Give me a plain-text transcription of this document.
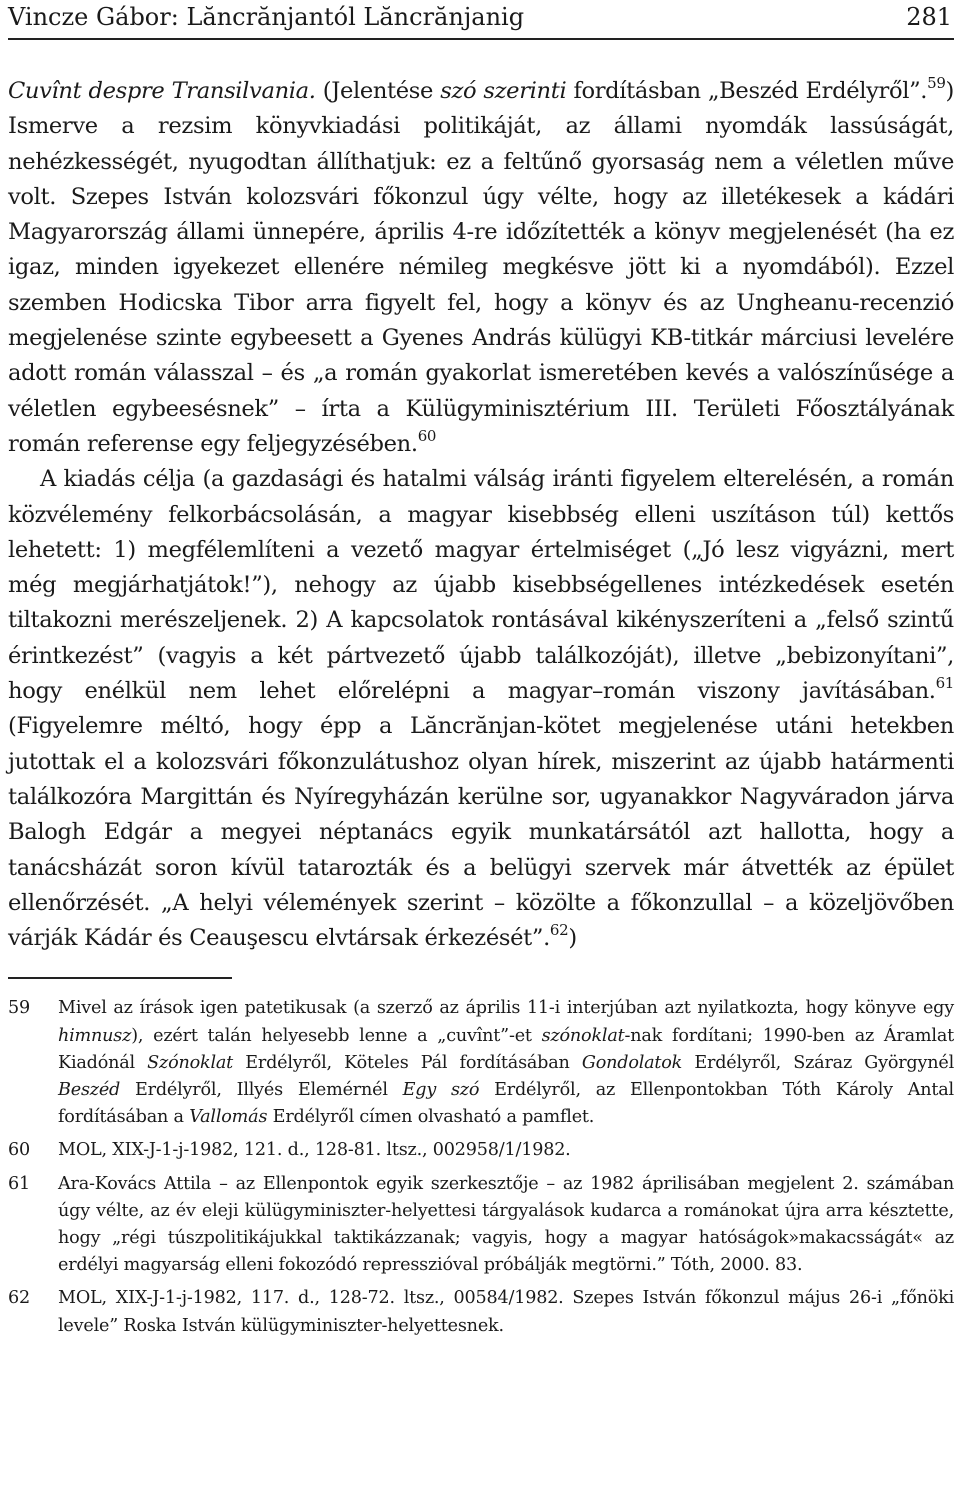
Vincze Gábor: Lăncrănjantól Lăncrănjanig	281

Cuvînt despre Transilvania. (Jelentése szó szerinti fordításban „Beszéd Erdélyről”.$^{59}$) Ismerve a rezsim könyvkiadási politikáját, az állami nyomdák lassúságát, nehézkességét, nyugodtan állíthatjuk: ez a feltűnő gyorsaság nem a véletlen műve volt. Szepes István kolozsvári főkonzul úgy vélte, hogy az illetékesek a kádári Magyarország állami ünnepére, április 4-re időzítették a könyv megjelenését (ha ez igaz, minden igyekezet ellenére némileg megkésve jött ki a nyomdából). Ezzel szemben Hodicska Tibor arra figyelt fel, hogy a könyv és az Ungheanu-recenzió megjelenése szinte egybeesett a Gyenes András külügyi KB-titkár márciusi levelére adott román válasszal – és „a román gyakorlat ismeretében kevés a valószínűsége a véletlen egybeesésnek” – írta a Külügyminisztérium III. Területi Főosztályának román referense egy feljegyzésében.$^{60}$

A kiadás célja (a gazdasági és hatalmi válság iránti figyelem elterelésén, a román közvélemény felkorbácsolásán, a magyar kisebbség elleni uszításon túl) kettős lehetett: 1) megfélemlíteni a vezető magyar értelmiséget („Jó lesz vigyázni, mert még megjárhatjátok!”), nehogy az újabb kisebbségellenes intézkedések esetén tiltakozni merészeljenek. 2) A kapcsolatok rontásával kikényszeríteni a „felső szintű érintkezést” (vagyis a két pártvezető újabb találkozóját), illetve „bebizonyítani”, hogy enélkül nem lehet előrelépni a magyar–román viszony javításában.$^{61}$ (Figyelemre méltó, hogy épp a Lăncrănjan-kötet megjelenése utáni hetekben jutottak el a kolozsvári főkonzulátushoz olyan hírek, miszerint az újabb határmenti találkozóra Margittán és Nyíregyházán kerülne sor, ugyanakkor Nagyváradon járva Balogh Edgár a megyei néptanács egyik munkatársától azt hallotta, hogy a tanácsházát soron kívül tatarozták és a belügyi szervek már átvették az épület ellenőrzését. „A helyi vélemények szerint – közölte a főkonzullal – a közeljövőben várják Kádár és Ceauşescu elvtársak érkezését”.$^{62}$)

59 Mivel az írások igen patetikusak (a szerző az április 11-i interjúban azt nyilatkozta, hogy könyve egy himnusz), ezért talán helyesebb lenne a „cuvînt”-et szónoklat-nak fordítani; 1990-ben az Áramlat Kiadónál Szónoklat Erdélyről, Köteles Pál fordításában Gondolatok Erdélyről, Száraz Györgynél Beszéd Erdélyről, Illyés Elemérnél Egy szó Erdélyről, az Ellenpontokban Tóth Károly Antal fordításában a Vallomás Erdélyről címen olvasható a pamflet.
60 MOL, XIX-J-1-j-1982, 121. d., 128-81. ltsz., 002958/1/1982.
61 Ara-Kovács Attila – az Ellenpontok egyik szerkesztője – az 1982 áprilisában megjelent 2. számában úgy vélte, az év eleji külügyminiszter-helyettesi tárgyalások kudarca a románokat újra arra késztette, hogy „régi túszpolitikájukkal taktikázzanak; vagyis, hogy a magyar hatóságok»makacsságát« az erdélyi magyarság elleni fokozódó represszióval próbálják megtörni.” Tóth, 2000. 83.
62 MOL, XIX-J-1-j-1982, 117. d., 128-72. ltsz., 00584/1982. Szepes István főkonzul május 26-i „főnöki levele” Roska István külügyminiszter-helyettesnek.
